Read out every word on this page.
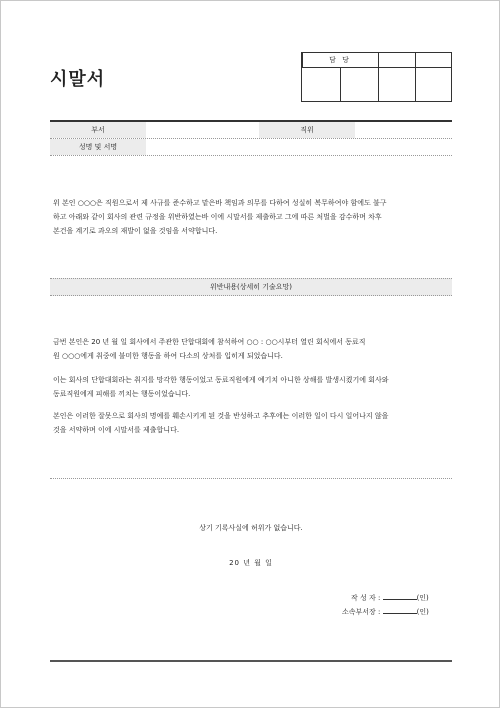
시말서
담 당
부서	직위
성명 및 서명
위 본인 ○○○은 직원으로서 제 사규를 준수하고 맡은바 책임과 의무를 다하여 성실히 복무하여야 함에도 불구
하고 아래와 같이 회사의 관련 규정을 위반하였는바 이에 시말서를 제출하고 그에 따른 처벌을 감수하며 차후
본건을 계기로 과오의 재발이 없을 것임을 서약합니다.
위반내용(상세히 기술요망)
금번 본인은 20 년 월 일 회사에서 주관한 단합대회에 참석하여 ○○ : ○○시부터 열린 회식에서 동료직
원 ○○○에게 취중에 불미한 행동을 하여 다소의 상처를 입히게 되었습니다.
이는 회사의 단합대회라는 취지를 망각한 행동이었고 동료직원에게 예기치 아니한 상해를 발생시켰기에 회사와
동료직원에게 피해를 끼치는 행동이었습니다.
본인은 이러한 잘못으로 회사의 명예를 훼손시키게 된 것을 반성하고 추후에는 이러한 일이 다시 일어나지 않을
것을 서약하며 이에 시말서를 제출합니다.
상기 기록사실에 허위가 없습니다.
20 년 월 일
작 성 자 :	(인)
소속부서장 :	(인)
